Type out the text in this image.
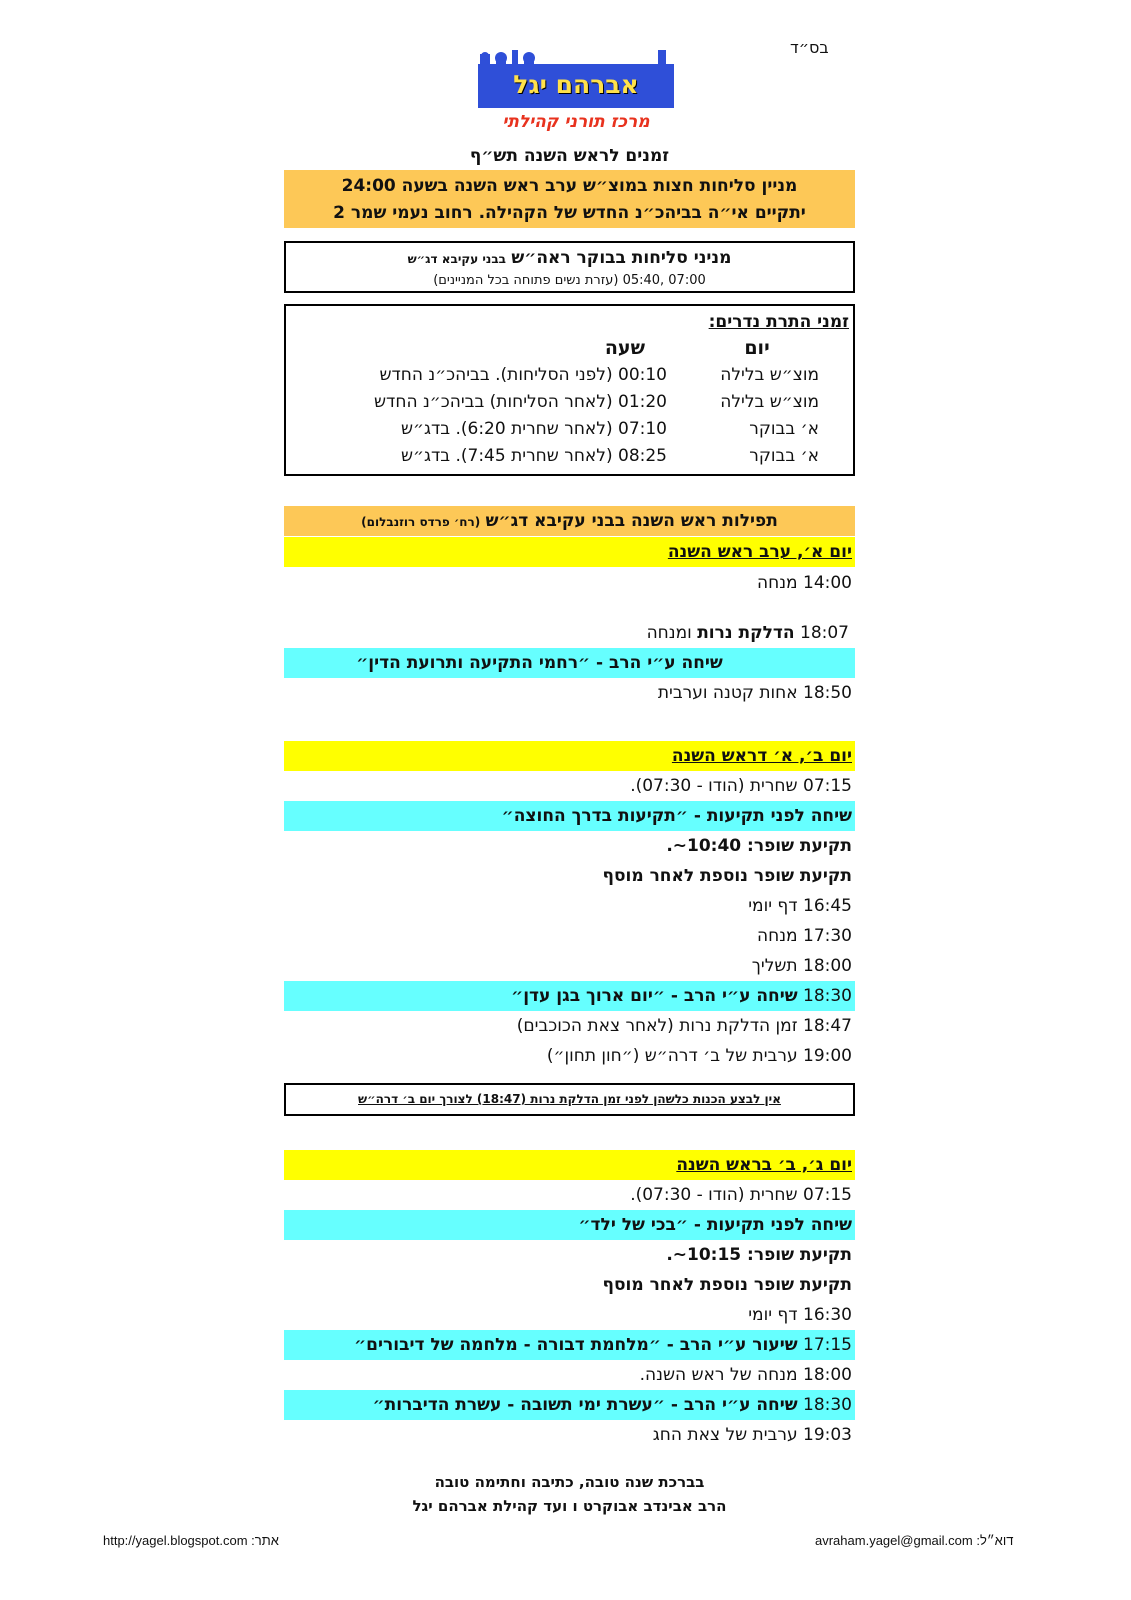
בס״ד
אברהם יגל
מרכז תורני קהילתי
זמנים לראש השנה תש״ף
מניין סליחות חצות במוצ״ש ערב ראש השנה בשעה 24:00
יתקיים אי״ה בביהכ״נ החדש של הקהילה. רחוב נעמי שמר 2
מניני סליחות בבוקר ראה״ש בבני עקיבא דג״ש
05:40, 07:00 (עזרת נשים פתוחה בכל המניינים)
זמני התרת נדרים:
יום	שעה
מוצ״ש בלילה	00:10 (לפני הסליחות). בביהכ״נ החדש
מוצ״ש בלילה	01:20 (לאחר הסליחות) בביהכ״נ החדש
א׳ בבוקר	07:10 (לאחר שחרית 6:20). בדג״ש
א׳ בבוקר	08:25 (לאחר שחרית 7:45). בדג״ש
תפילות ראש השנה בבני עקיבא דג״ש (רח׳ פרדס רוזנבלום)
יום א׳, ערב ראש השנה
14:00 מנחה
18:07 הדלקת נרות ומנחה
שיחה ע״י הרב - ״רחמי התקיעה ותרועת הדין״
18:50 אחות קטנה וערבית
יום ב׳, א׳ דראש השנה
07:15 שחרית (הודו - 07:30).
שיחה לפני תקיעות - ״תקיעות בדרך החוצה״
תקיעת שופר: 10:40~.
תקיעת שופר נוספת לאחר מוסף
16:45 דף יומי
17:30 מנחה
18:00 תשליך
18:30 שיחה ע״י הרב - ״יום ארוך בגן עדן״
18:47 זמן הדלקת נרות (לאחר צאת הכוכבים)
19:00 ערבית של ב׳ דרה״ש (״חון תחון״)
אין לבצע הכנות כלשהן לפני זמן הדלקת נרות (18:47) לצורך יום ב׳ דרה״ש
יום ג׳, ב׳ בראש השנה
07:15 שחרית (הודו - 07:30).
שיחה לפני תקיעות - ״בכי של ילד״
תקיעת שופר: 10:15~.
תקיעת שופר נוספת לאחר מוסף
16:30 דף יומי
17:15 שיעור ע״י הרב - ״מלחמת דבורה - מלחמה של דיבורים״
18:00 מנחה של ראש השנה.
18:30 שיחה ע״י הרב - ״עשרת ימי תשובה - עשרת הדיברות״
19:03 ערבית של צאת החג
בברכת שנה טובה, כתיבה וחתימה טובה
הרב אבינדב אבוקרט ו ועד קהילת אברהם יגל
avraham.yagel@gmail.com דוא״ל:
http://yagel.blogspot.com אתר:
